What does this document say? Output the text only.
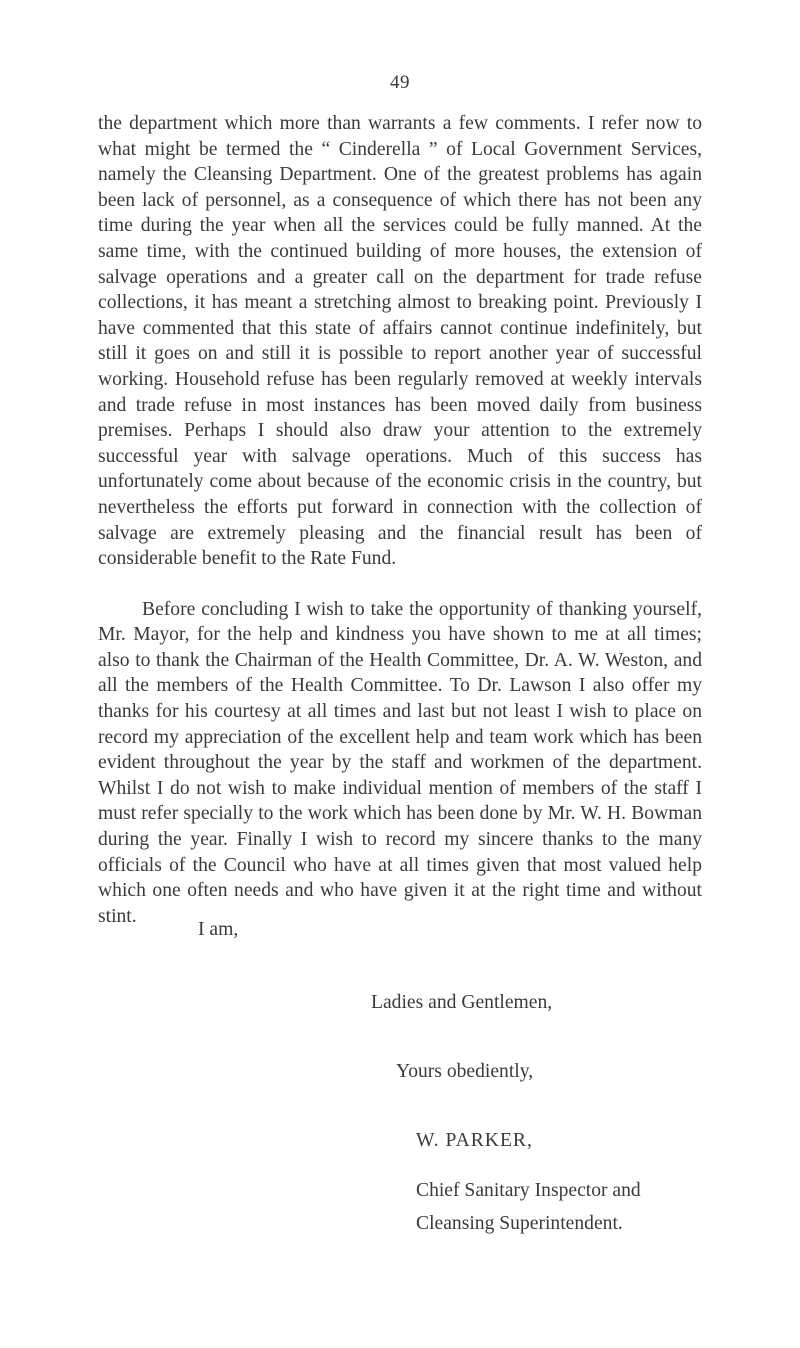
49

the department which more than warrants a few comments. I refer now to what might be termed the “ Cinderella ” of Local Government Services, namely the Cleansing Department. One of the greatest problems has again been lack of personnel, as a consequence of which there has not been any time during the year when all the services could be fully manned. At the same time, with the continued building of more houses, the extension of salvage operations and a greater call on the department for trade refuse collections, it has meant a stretching almost to breaking point. Previously I have commented that this state of affairs cannot continue indefinitely, but still it goes on and still it is possible to report another year of successful working. Household refuse has been regularly removed at weekly intervals and trade refuse in most instances has been moved daily from business premises. Perhaps I should also draw your attention to the extremely successful year with salvage operations. Much of this success has unfortunately come about because of the economic crisis in the country, but nevertheless the efforts put forward in connection with the collection of salvage are extremely pleasing and the financial result has been of considerable benefit to the Rate Fund.

Before concluding I wish to take the opportunity of thanking yourself, Mr. Mayor, for the help and kindness you have shown to me at all times; also to thank the Chairman of the Health Committee, Dr. A. W. Weston, and all the members of the Health Committee. To Dr. Lawson I also offer my thanks for his courtesy at all times and last but not least I wish to place on record my appreciation of the excellent help and team work which has been evident throughout the year by the staff and workmen of the department. Whilst I do not wish to make individual mention of members of the staff I must refer specially to the work which has been done by Mr. W. H. Bowman during the year. Finally I wish to record my sincere thanks to the many officials of the Council who have at all times given that most valued help which one often needs and who have given it at the right time and without stint.

I am,
Ladies and Gentlemen,
Yours obediently,
W. PARKER,
Chief Sanitary Inspector and
Cleansing Superintendent.
